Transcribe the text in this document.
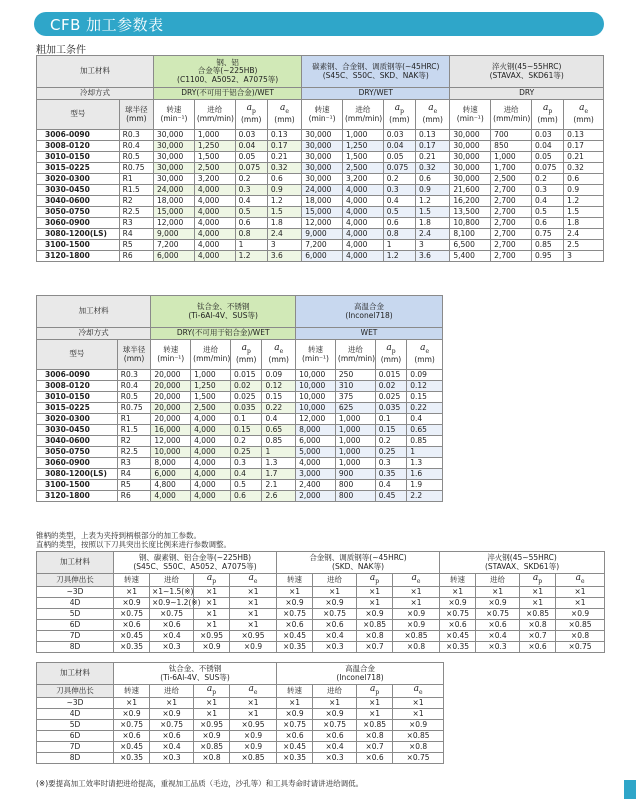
CFB 加工参数表
粗加工条件
加工材料		钢、铝
合金等(~225HB)
(C1100、A5052、A7075等)				碳素钢、合金钢、调质钢等(~45HRC)
(S45C、S50C、SKD、NAK等)				淬火钢(45~55HRC)
(STAVAX、SKD61等)			
冷却方式		DRY(不可用于铝合金)/WET				DRY/WET				DRY			
型号	球半径
(mm)	转速
(min⁻¹)	进给
(mm/min)	$a_p$
(mm)	$a_e$
(mm)	转速
(min⁻¹)	进给
(mm/min)	$a_p$
(mm)	$a_e$
(mm)	转速
(min⁻¹)	进给
(mm/min)	$a_p$
(mm)	$a_e$
(mm)
3006-0090	R0.3	30,000	1,000	0.03	0.13	30,000	1,000	0.03	0.13	30,000	700	0.03	0.13
3008-0120	R0.4	30,000	1,250	0.04	0.17	30,000	1,250	0.04	0.17	30,000	850	0.04	0.17
3010-0150	R0.5	30,000	1,500	0.05	0.21	30,000	1,500	0.05	0.21	30,000	1,000	0.05	0.21
3015-0225	R0.75	30,000	2,500	0.075	0.32	30,000	2,500	0.075	0.32	30,000	1,700	0.075	0.32
3020-0300	R1	30,000	3,200	0.2	0.6	30,000	3,200	0.2	0.6	30,000	2,500	0.2	0.6
3030-0450	R1.5	24,000	4,000	0.3	0.9	24,000	4,000	0.3	0.9	21,600	2,700	0.3	0.9
3040-0600	R2	18,000	4,000	0.4	1.2	18,000	4,000	0.4	1.2	16,200	2,700	0.4	1.2
3050-0750	R2.5	15,000	4,000	0.5	1.5	15,000	4,000	0.5	1.5	13,500	2,700	0.5	1.5
3060-0900	R3	12,000	4,000	0.6	1.8	12,000	4,000	0.6	1.8	10,800	2,700	0.6	1.8
3080-1200(LS)	R4	9,000	4,000	0.8	2.4	9,000	4,000	0.8	2.4	8,100	2,700	0.75	2.4
3100-1500	R5	7,200	4,000	1	3	7,200	4,000	1	3	6,500	2,700	0.85	2.5
3120-1800	R6	6,000	4,000	1.2	3.6	6,000	4,000	1.2	3.6	5,400	2,700	0.95	3
加工材料		钛合金、不锈钢
(Ti-6Al-4V、SUS等)				高温合金
(Inconel718)			
冷却方式		DRY(不可用于铝合金)/WET				WET			
型号	球半径
(mm)	转速
(min⁻¹)	进给
(mm/min)	$a_p$
(mm)	$a_e$
(mm)	转速
(min⁻¹)	进给
(mm/min)	$a_p$
(mm)	$a_e$
(mm)
3006-0090	R0.3	20,000	1,000	0.015	0.09	10,000	250	0.015	0.09
3008-0120	R0.4	20,000	1,250	0.02	0.12	10,000	310	0.02	0.12
3010-0150	R0.5	20,000	1,500	0.025	0.15	10,000	375	0.025	0.15
3015-0225	R0.75	20,000	2,500	0.035	0.22	10,000	625	0.035	0.22
3020-0300	R1	20,000	4,000	0.1	0.4	12,000	1,000	0.1	0.4
3030-0450	R1.5	16,000	4,000	0.15	0.65	8,000	1,000	0.15	0.65
3040-0600	R2	12,000	4,000	0.2	0.85	6,000	1,000	0.2	0.85
3050-0750	R2.5	10,000	4,000	0.25	1	5,000	1,000	0.25	1
3060-0900	R3	8,000	4,000	0.3	1.3	4,000	1,000	0.3	1.3
3080-1200(LS)	R4	6,000	4,000	0.4	1.7	3,000	900	0.35	1.6
3100-1500	R5	4,800	4,000	0.5	2.1	2,400	800	0.4	1.9
3120-1800	R6	4,000	4,000	0.6	2.6	2,000	800	0.45	2.2
锥柄的类型，上表为夹持到柄根部分的加工参数。
直柄的类型，按照以下刀具突出长度比例来进行参数调整。
加工材料	钢、碳素钢、铝合金等(~225HB)
(S45C、S50C、A5052、A7075等)				合金钢、调质钢等(~45HRC)
(SKD、NAK等)				淬火钢(45~55HRC)
(STAVAX、SKD61等)			
刀具伸出长	转速	进给	$a_p$	$a_e$	转速	进给	$a_p$	$a_e$	转速	进给	$a_p$	$a_e$
~3D	×1	×1~1.5(※)	×1	×1	×1	×1	×1	×1	×1	×1	×1	×1
4D	×0.9	×0.9~1.2(※)	×1	×1	×0.9	×0.9	×1	×1	×0.9	×0.9	×1	×1
5D	×0.75	×0.75	×1	×1	×0.75	×0.75	×0.9	×0.9	×0.75	×0.75	×0.85	×0.9
6D	×0.6	×0.6	×1	×1	×0.6	×0.6	×0.85	×0.9	×0.6	×0.6	×0.8	×0.85
7D	×0.45	×0.4	×0.95	×0.95	×0.45	×0.4	×0.8	×0.85	×0.45	×0.4	×0.7	×0.8
8D	×0.35	×0.3	×0.9	×0.9	×0.35	×0.3	×0.7	×0.8	×0.35	×0.3	×0.6	×0.75
加工材料	钛合金、不锈钢
(Ti-6Al-4V、SUS等)				高温合金
(Inconel718)			
刀具伸出长	转速	进给	$a_p$	$a_e$	转速	进给	$a_p$	$a_e$
~3D	×1	×1	×1	×1	×1	×1	×1	×1
4D	×0.9	×0.9	×1	×1	×0.9	×0.9	×1	×1
5D	×0.75	×0.75	×0.95	×0.95	×0.75	×0.75	×0.85	×0.9
6D	×0.6	×0.6	×0.9	×0.9	×0.6	×0.6	×0.8	×0.85
7D	×0.45	×0.4	×0.85	×0.9	×0.45	×0.4	×0.7	×0.8
8D	×0.35	×0.3	×0.8	×0.85	×0.35	×0.3	×0.6	×0.75
(※)要提高加工效率时请把进给提高，重视加工品质（毛边，沙孔等）和工具寿命时请讲进给调低。
